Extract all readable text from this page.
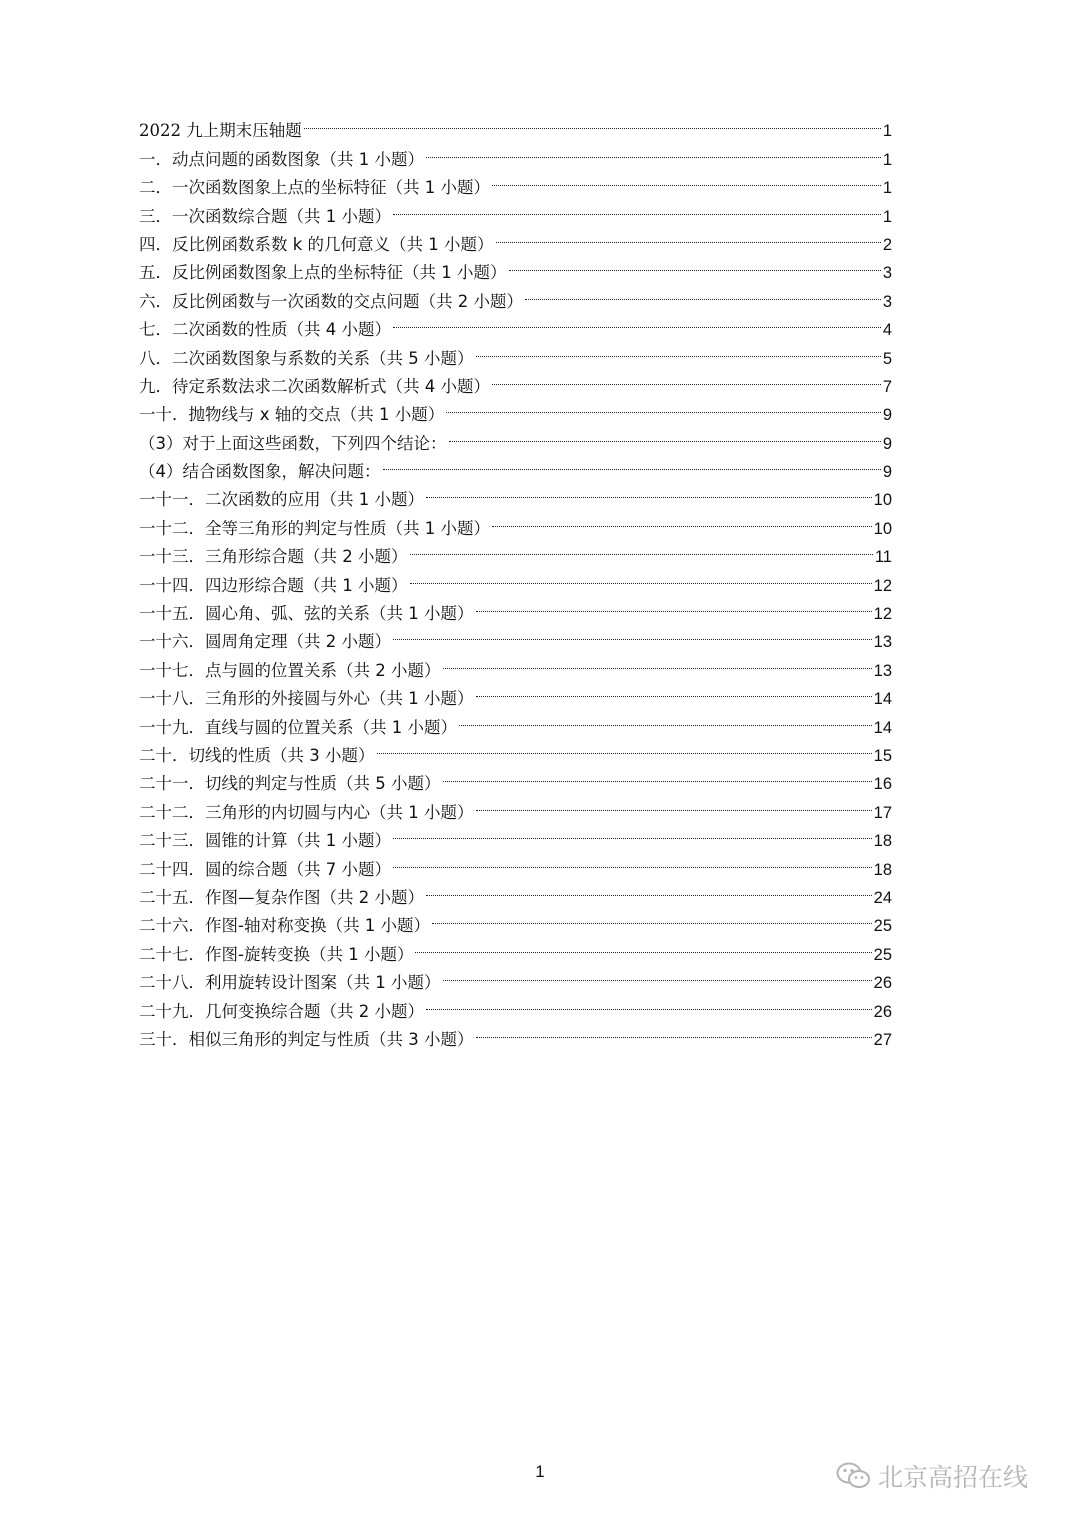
2022 九上期末压轴题	1
一．动点问题的函数图象（共 1 小题）	1
二．一次函数图象上点的坐标特征（共 1 小题）	1
三．一次函数综合题（共 1 小题）	1
四．反比例函数系数 k 的几何意义（共 1 小题）	2
五．反比例函数图象上点的坐标特征（共 1 小题）	3
六．反比例函数与一次函数的交点问题（共 2 小题）	3
七．二次函数的性质（共 4 小题）	4
八．二次函数图象与系数的关系（共 5 小题）	5
九．待定系数法求二次函数解析式（共 4 小题）	7
一十．抛物线与 x 轴的交点（共 1 小题）	9
（3）对于上面这些函数，下列四个结论：	9
（4）结合函数图象，解决问题：	9
一十一．二次函数的应用（共 1 小题）	10
一十二．全等三角形的判定与性质（共 1 小题）	10
一十三．三角形综合题（共 2 小题）	11
一十四．四边形综合题（共 1 小题）	12
一十五．圆心角、弧、弦的关系（共 1 小题）	12
一十六．圆周角定理（共 2 小题）	13
一十七．点与圆的位置关系（共 2 小题）	13
一十八．三角形的外接圆与外心（共 1 小题）	14
一十九．直线与圆的位置关系（共 1 小题）	14
二十．切线的性质（共 3 小题）	15
二十一．切线的判定与性质（共 5 小题）	16
二十二．三角形的内切圆与内心（共 1 小题）	17
二十三．圆锥的计算（共 1 小题）	18
二十四．圆的综合题（共 7 小题）	18
二十五．作图—复杂作图（共 2 小题）	24
二十六．作图-轴对称变换（共 1 小题）	25
二十七．作图-旋转变换（共 1 小题）	25
二十八．利用旋转设计图案（共 1 小题）	26
二十九．几何变换综合题（共 2 小题）	26
三十．相似三角形的判定与性质（共 3 小题）	27
1	北京高招在线
